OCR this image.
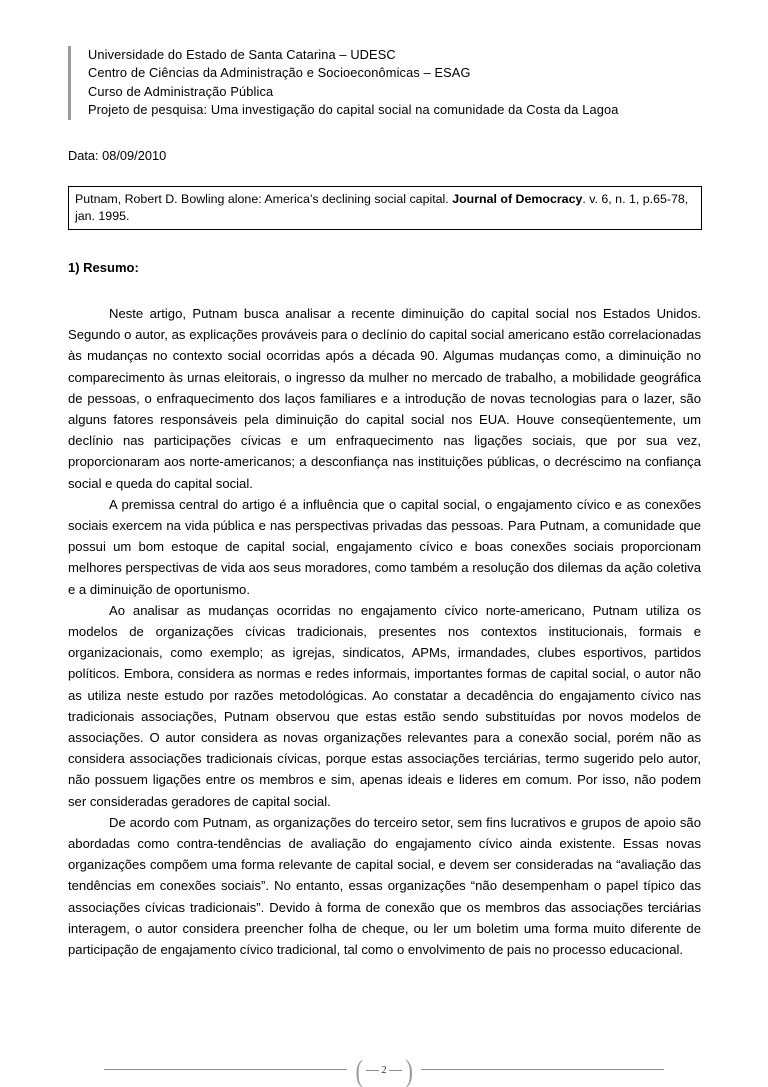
Universidade do Estado de Santa Catarina – UDESC
Centro de Ciências da Administração e Socioeconômicas – ESAG
Curso de Administração Pública
Projeto de pesquisa: Uma investigação do capital social na comunidade da Costa da Lagoa
Data: 08/09/2010
Putnam, Robert D. Bowling alone: America’s declining social capital. Journal of Democracy. v. 6, n. 1, p.65-78, jan. 1995.
1) Resumo:

Neste artigo, Putnam busca analisar a recente diminuição do capital social nos Estados Unidos. Segundo o autor, as explicações prováveis para o declínio do capital social americano estão correlacionadas às mudanças no contexto social ocorridas após a década 90. Algumas mudanças como, a diminuição no comparecimento às urnas eleitorais, o ingresso da mulher no mercado de trabalho, a mobilidade geográfica de pessoas, o enfraquecimento dos laços familiares e a introdução de novas tecnologias para o lazer, são alguns fatores responsáveis pela diminuição do capital social nos EUA. Houve conseqüentemente, um declínio nas participações cívicas e um enfraquecimento nas ligações sociais, que por sua vez, proporcionaram aos norte-americanos; a desconfiança nas instituições públicas, o decréscimo na confiança social e queda do capital social.

A premissa central do artigo é a influência que o capital social, o engajamento cívico e as conexões sociais exercem na vida pública e nas perspectivas privadas das pessoas. Para Putnam, a comunidade que possui um bom estoque de capital social, engajamento cívico e boas conexões sociais proporcionam melhores perspectivas de vida aos seus moradores, como também a resolução dos dilemas da ação coletiva e a diminuição de oportunismo.

Ao analisar as mudanças ocorridas no engajamento cívico norte-americano, Putnam utiliza os modelos de organizações cívicas tradicionais, presentes nos contextos institucionais, formais e organizacionais, como exemplo; as igrejas, sindicatos, APMs, irmandades, clubes esportivos, partidos políticos. Embora, considera as normas e redes informais, importantes formas de capital social, o autor não as utiliza neste estudo por razões metodológicas. Ao constatar a decadência do engajamento cívico nas tradicionais associações, Putnam observou que estas estão sendo substituídas por novos modelos de associações. O autor considera as novas organizações relevantes para a conexão social, porém não as considera associações tradicionais cívicas, porque estas associações terciárias, termo sugerido pelo autor, não possuem ligações entre os membros e sim, apenas ideais e lideres em comum. Por isso, não podem ser consideradas geradores de capital social.

De acordo com Putnam, as organizações do terceiro setor, sem fins lucrativos e grupos de apoio são abordadas como contra-tendências de avaliação do engajamento cívico ainda existente. Essas novas organizações compõem uma forma relevante de capital social, e devem ser consideradas na “avaliação das tendências em conexões sociais”. No entanto, essas organizações “não desempenham o papel típico das associações cívicas tradicionais”. Devido à forma de conexão que os membros das associações terciárias interagem, o autor considera preencher folha de cheque, ou ler um boletim uma forma muito diferente de participação de engajamento cívico tradicional, tal como o envolvimento de pais no processo educacional.

( 2 )
